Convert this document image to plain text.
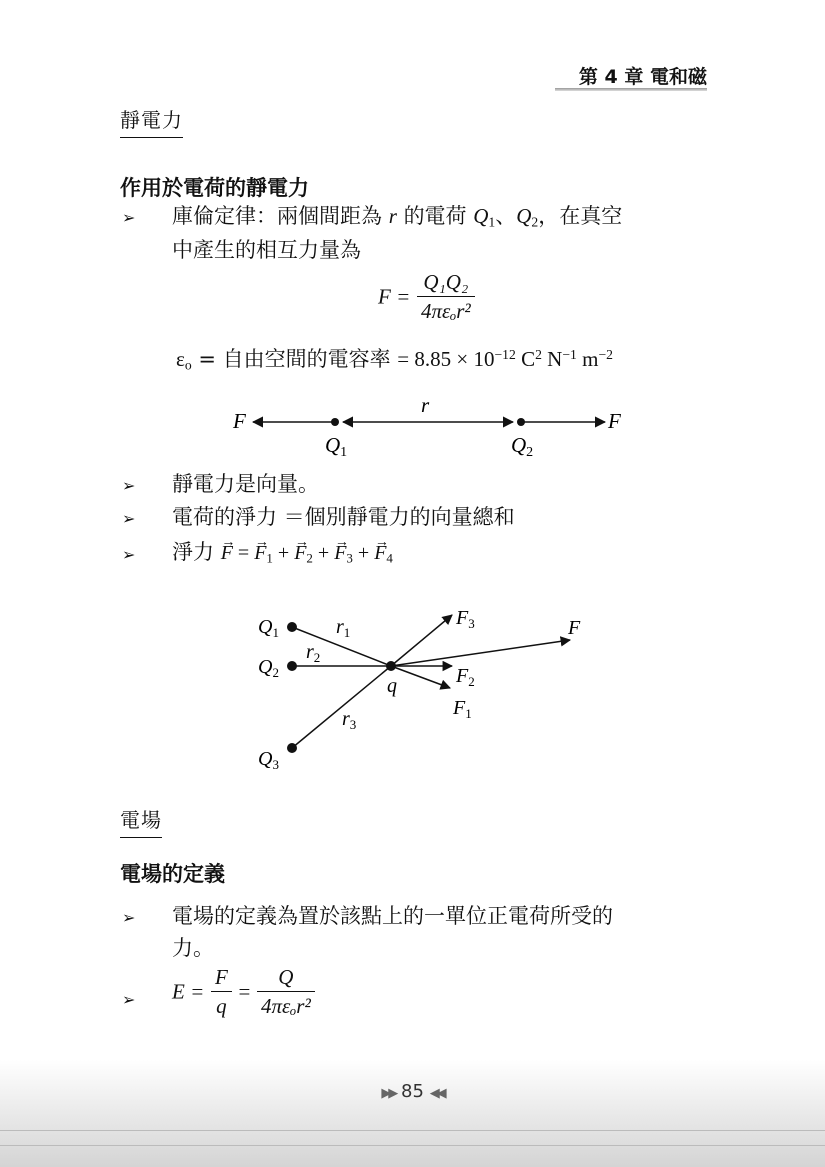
第 4 章 電和磁
靜電力
作用於電荷的靜電力
➢	庫倫定律：兩個間距為 r 的電荷 $Q_1$、$Q_2$，在真空
中產生的相互力量為
$F = \frac{\text{Q₁Q₂}}{\text{4πεₒr²}}$
$\varepsilon_o$ = 自由空間的電容率 = $8.85 \times 10^{-12}$ $C^2$ $N^{-1}$ $m^{-2}$
F	F
r
Q1	Q2
➢	靜電力是向量。
➢	電荷的淨力 ＝個別靜電力的向量總和
➢	淨力 → F = → $F_1$ + → $F_2$ + → $F_3$ + → $F_4$
$Q_1$
$Q_2$
$Q_3$
$r_1$
$r_2$
$r_3$
q
$F_3$	F
$F_2$
$F_1$
電場
電場的定義
➢	電場的定義為置於該點上的一單位正電荷所受的
力。
➢	$E = \frac{F}{q} = \frac{Q}{\text{4πεₒr²}}$
▶▶ 85 ◀◀
